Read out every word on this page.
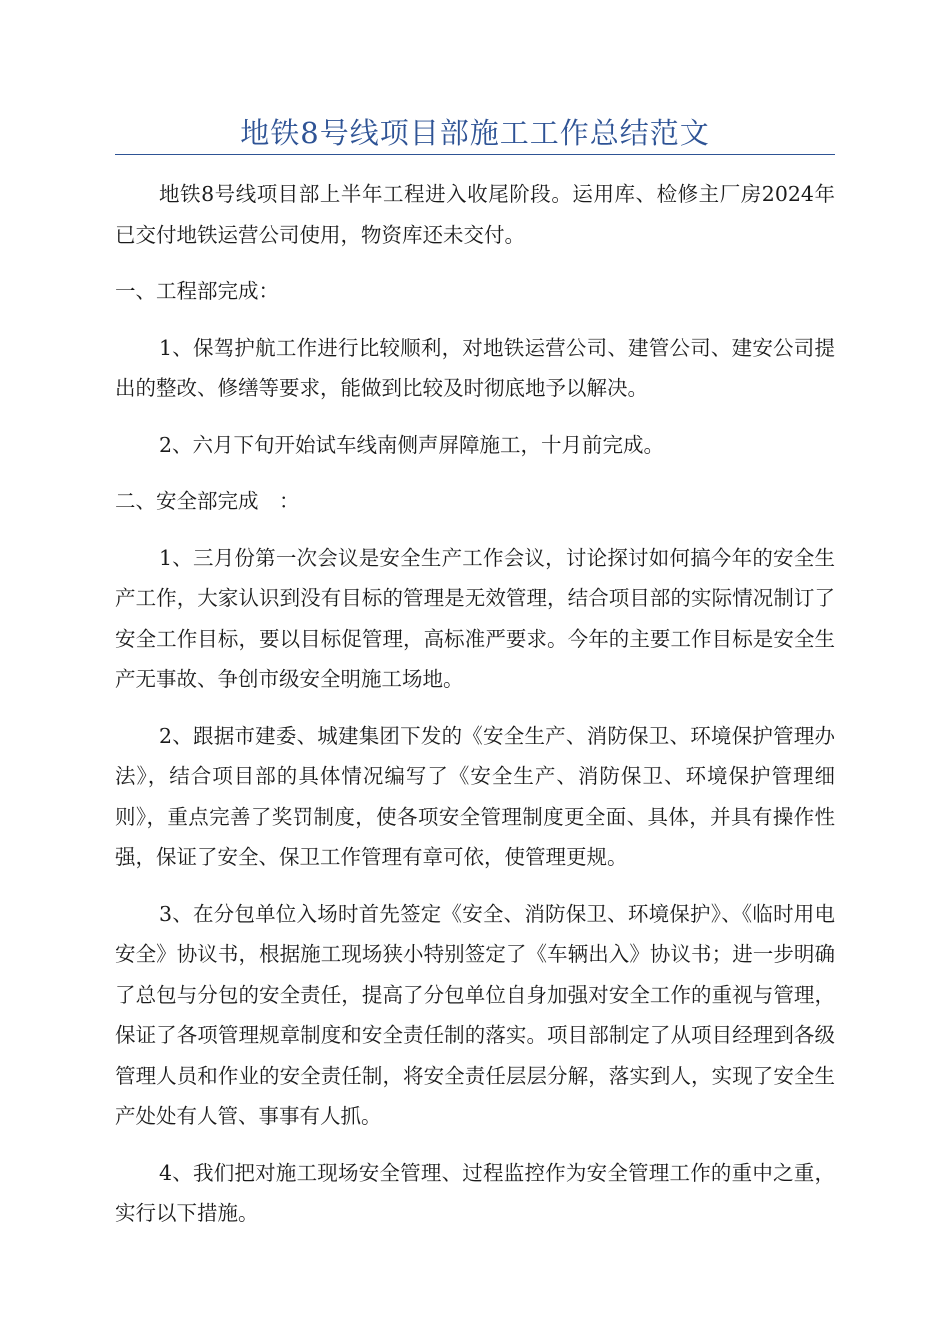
地铁8号线项目部施工工作总结范文

地铁8号线项目部上半年工程进入收尾阶段。运用库、检修主厂房2024年已交付地铁运营公司使用，物资库还未交付。

一、工程部完成：

1、保驾护航工作进行比较顺利，对地铁运营公司、建管公司、建安公司提出的整改、修缮等要求，能做到比较及时彻底地予以解决。

2、六月下旬开始试车线南侧声屏障施工，十月前完成。

二、安全部完成　：

1、三月份第一次会议是安全生产工作会议，讨论探讨如何搞今年的安全生产工作，大家认识到没有目标的管理是无效管理，结合项目部的实际情况制订了安全工作目标，要以目标促管理，高标准严要求。今年的主要工作目标是安全生产无事故、争创市级安全明施工场地。

2、跟据市建委、城建集团下发的《安全生产、消防保卫、环境保护管理办法》，结合项目部的具体情况编写了《安全生产、消防保卫、环境保护管理细则》，重点完善了奖罚制度，使各项安全管理制度更全面、具体，并具有操作性强，保证了安全、保卫工作管理有章可依，使管理更规。

3、在分包单位入场时首先签定《安全、消防保卫、环境保护》、《临时用电安全》协议书，根据施工现场狭小特别签定了《车辆出入》协议书；进一步明确了总包与分包的安全责任，提高了分包单位自身加强对安全工作的重视与管理，保证了各项管理规章制度和安全责任制的落实。项目部制定了从项目经理到各级管理人员和作业的安全责任制，将安全责任层层分解，落实到人，实现了安全生产处处有人管、事事有人抓。

4、我们把对施工现场安全管理、过程监控作为安全管理工作的重中之重，实行以下措施。
